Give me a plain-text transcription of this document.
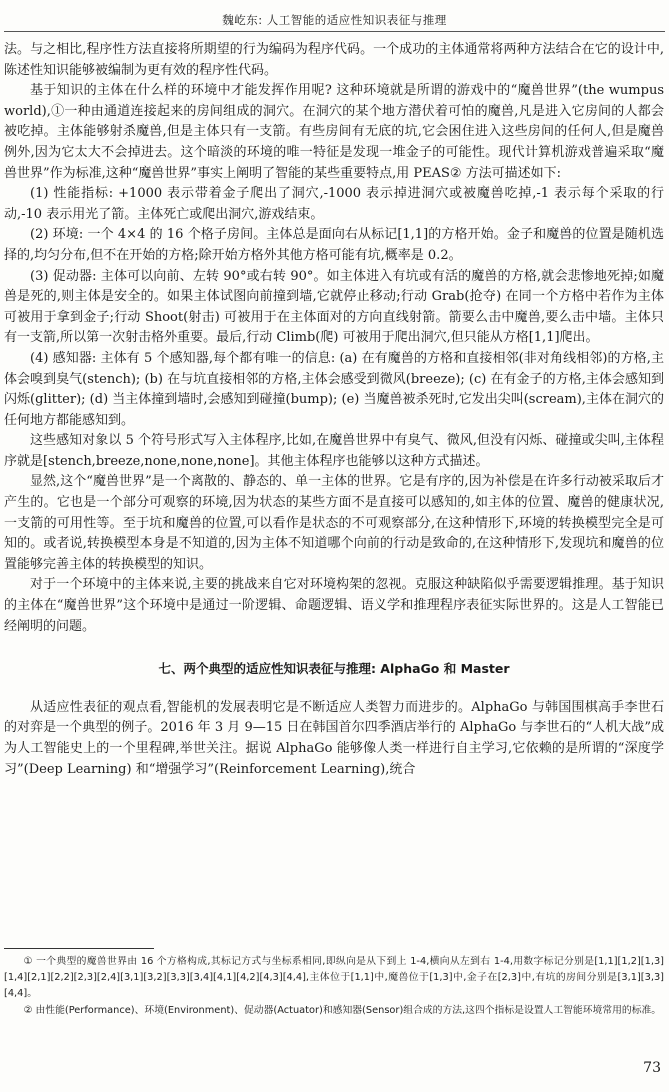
魏屹东: 人工智能的适应性知识表征与推理

法。与之相比,程序性方法直接将所期望的行为编码为程序代码。一个成功的主体通常将两种方法结合在它的设计中,陈述性知识能够被编制为更有效的程序性代码。

基于知识的主体在什么样的环境中才能发挥作用呢? 这种环境就是所谓的游戏中的“魔兽世界”(the wumpus world),①一种由通道连接起来的房间组成的洞穴。在洞穴的某个地方潜伏着可怕的魔兽,凡是进入它房间的人都会被吃掉。主体能够射杀魔兽,但是主体只有一支箭。有些房间有无底的坑,它会困住进入这些房间的任何人,但是魔兽例外,因为它太大不会掉进去。这个暗淡的环境的唯一特征是发现一堆金子的可能性。现代计算机游戏普遍采取“魔兽世界”作为标准,这种“魔兽世界”事实上阐明了智能的某些重要特点,用 PEAS② 方法可描述如下:

(1) 性能指标: +1000 表示带着金子爬出了洞穴,-1000 表示掉进洞穴或被魔兽吃掉,-1 表示每个采取的行动,-10 表示用光了箭。主体死亡或爬出洞穴,游戏结束。

(2) 环境: 一个 4×4 的 16 个格子房间。主体总是面向右从标记[1,1]的方格开始。金子和魔兽的位置是随机选择的,均匀分布,但不在开始的方格;除开始方格外其他方格可能有坑,概率是 0.2。

(3) 促动器: 主体可以向前、左转 90°或右转 90°。如主体进入有坑或有活的魔兽的方格,就会悲惨地死掉;如魔兽是死的,则主体是安全的。如果主体试图向前撞到墙,它就停止移动;行动 Grab(抢夺) 在同一个方格中若作为主体可被用于拿到金子;行动 Shoot(射击) 可被用于在主体面对的方向直线射箭。箭要么击中魔兽,要么击中墙。主体只有一支箭,所以第一次射击格外重要。最后,行动 Climb(爬) 可被用于爬出洞穴,但只能从方格[1,1]爬出。

(4) 感知器: 主体有 5 个感知器,每个都有唯一的信息: (a) 在有魔兽的方格和直接相邻(非对角线相邻)的方格,主体会嗅到臭气(stench); (b) 在与坑直接相邻的方格,主体会感受到微风(breeze); (c) 在有金子的方格,主体会感知到闪烁(glitter); (d) 当主体撞到墙时,会感知到碰撞(bump); (e) 当魔兽被杀死时,它发出尖叫(scream),主体在洞穴的任何地方都能感知到。

这些感知对象以 5 个符号形式写入主体程序,比如,在魔兽世界中有臭气、微风,但没有闪烁、碰撞或尖叫,主体程序就是[stench,breeze,none,none,none]。其他主体程序也能够以这种方式描述。

显然,这个“魔兽世界”是一个离散的、静态的、单一主体的世界。它是有序的,因为补偿是在许多行动被采取后才产生的。它也是一个部分可观察的环境,因为状态的某些方面不是直接可以感知的,如主体的位置、魔兽的健康状况,一支箭的可用性等。至于坑和魔兽的位置,可以看作是状态的不可观察部分,在这种情形下,环境的转换模型完全是可知的。或者说,转换模型本身是不知道的,因为主体不知道哪个向前的行动是致命的,在这种情形下,发现坑和魔兽的位置能够完善主体的转换模型的知识。

对于一个环境中的主体来说,主要的挑战来自它对环境构架的忽视。克服这种缺陷似乎需要逻辑推理。基于知识的主体在“魔兽世界”这个环境中是通过一阶逻辑、命题逻辑、语义学和推理程序表征实际世界的。这是人工智能已经阐明的问题。

七、两个典型的适应性知识表征与推理: AlphaGo 和 Master

从适应性表征的观点看,智能机的发展表明它是不断适应人类智力而进步的。AlphaGo 与韩国围棋高手李世石的对弈是一个典型的例子。2016 年 3 月 9—15 日在韩国首尔四季酒店举行的 AlphaGo 与李世石的“人机大战”成为人工智能史上的一个里程碑,举世关注。据说 AlphaGo 能够像人类一样进行自主学习,它依赖的是所谓的“深度学习”(Deep Learning) 和“增强学习”(Reinforcement Learning),统合

① 一个典型的魔兽世界由 16 个方格构成,其标记方式与坐标系相同,即纵向是从下到上 1-4,横向从左到右 1-4,用数字标记分别是[1,1][1,2][1,3][1,4][2,1][2,2][2,3][2,4][3,1][3,2][3,3][3,4][4,1][4,2][4,3][4,4],主体位于[1,1]中,魔兽位于[1,3]中,金子在[2,3]中,有坑的房间分别是[3,1][3,3][4,4]。

② 由性能(Performance)、环境(Environment)、促动器(Actuator)和感知器(Sensor)组合成的方法,这四个指标是设置人工智能环境常用的标准。

73
